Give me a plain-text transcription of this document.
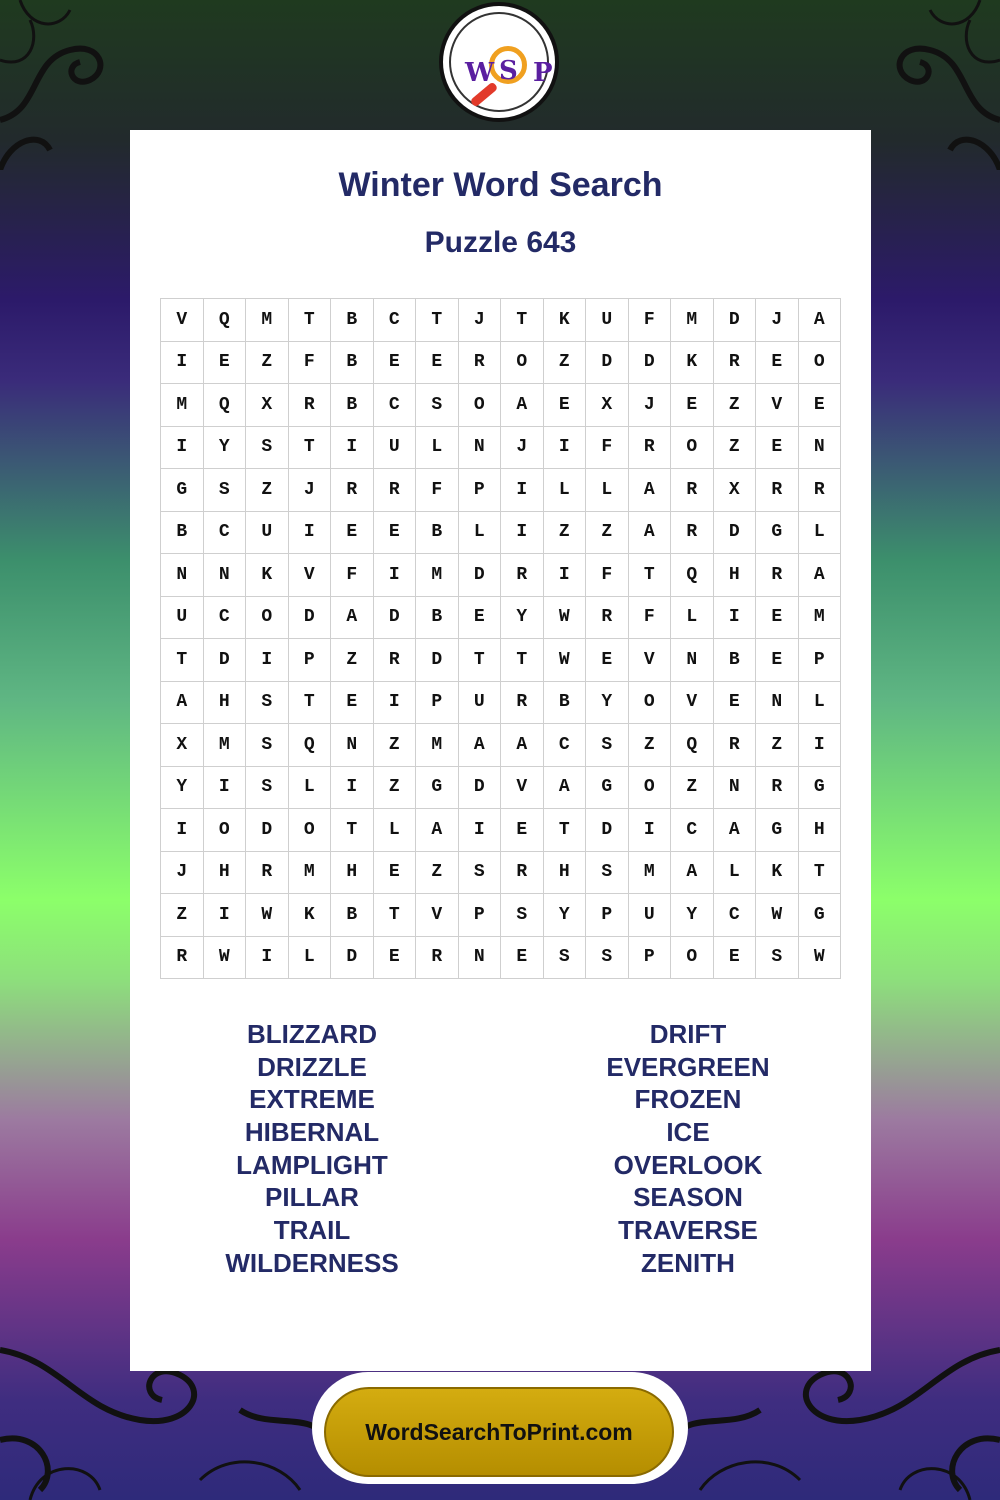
W S P
Winter Word Search
Puzzle 643
V	Q	M	T	B	C	T	J	T	K	U	F	M	D	J	A
I	E	Z	F	B	E	E	R	O	Z	D	D	K	R	E	O
M	Q	X	R	B	C	S	O	A	E	X	J	E	Z	V	E
I	Y	S	T	I	U	L	N	J	I	F	R	O	Z	E	N
G	S	Z	J	R	R	F	P	I	L	L	A	R	X	R	R
B	C	U	I	E	E	B	L	I	Z	Z	A	R	D	G	L
N	N	K	V	F	I	M	D	R	I	F	T	Q	H	R	A
U	C	O	D	A	D	B	E	Y	W	R	F	L	I	E	M
T	D	I	P	Z	R	D	T	T	W	E	V	N	B	E	P
A	H	S	T	E	I	P	U	R	B	Y	O	V	E	N	L
X	M	S	Q	N	Z	M	A	A	C	S	Z	Q	R	Z	I
Y	I	S	L	I	Z	G	D	V	A	G	O	Z	N	R	G
I	O	D	O	T	L	A	I	E	T	D	I	C	A	G	H
J	H	R	M	H	E	Z	S	R	H	S	M	A	L	K	T
Z	I	W	K	B	T	V	P	S	Y	P	U	Y	C	W	G
R	W	I	L	D	E	R	N	E	S	S	P	O	E	S	W
BLIZZARD
DRIZZLE
EXTREME
HIBERNAL
LAMPLIGHT
PILLAR
TRAIL
WILDERNESS
DRIFT
EVERGREEN
FROZEN
ICE
OVERLOOK
SEASON
TRAVERSE
ZENITH
WordSearchToPrint.com
